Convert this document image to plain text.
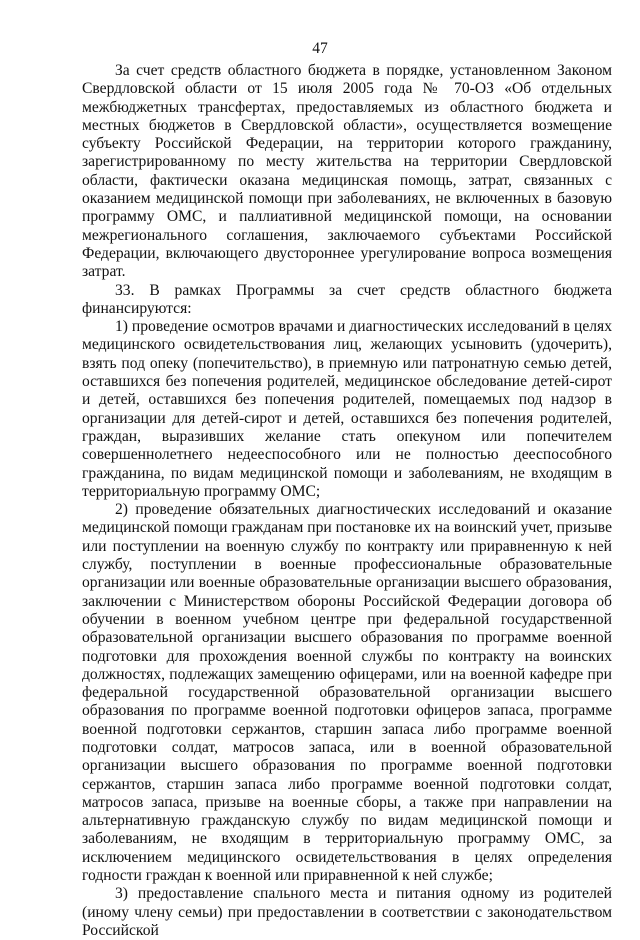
47

За счет средств областного бюджета в порядке, установленном Законом Свердловской области от 15 июля 2005 года № 70-ОЗ «Об отдельных межбюджетных трансфертах, предоставляемых из областного бюджета и местных бюджетов в Свердловской области», осуществляется возмещение субъекту Российской Федерации, на территории которого гражданину, зарегистрированному по месту жительства на территории Свердловской области, фактически оказана медицинская помощь, затрат, связанных с оказанием медицинской помощи при заболеваниях, не включенных в базовую программу ОМС, и паллиативной медицинской помощи, на основании межрегионального соглашения, заключаемого субъектами Российской Федерации, включающего двустороннее урегулирование вопроса возмещения затрат.

33. В рамках Программы за счет средств областного бюджета финансируются:

1) проведение осмотров врачами и диагностических исследований в целях медицинского освидетельствования лиц, желающих усыновить (удочерить), взять под опеку (попечительство), в приемную или патронатную семью детей, оставшихся без попечения родителей, медицинское обследование детей-сирот и детей, оставшихся без попечения родителей, помещаемых под надзор в организации для детей-сирот и детей, оставшихся без попечения родителей, граждан, выразивших желание стать опекуном или попечителем совершеннолетнего недееспособного или не полностью дееспособного гражданина, по видам медицинской помощи и заболеваниям, не входящим в территориальную программу ОМС;

2) проведение обязательных диагностических исследований и оказание медицинской помощи гражданам при постановке их на воинский учет, призыве или поступлении на военную службу по контракту или приравненную к ней службу, поступлении в военные профессиональные образовательные организации или военные образовательные организации высшего образования, заключении с Министерством обороны Российской Федерации договора об обучении в военном учебном центре при федеральной государственной образовательной организации высшего образования по программе военной подготовки для прохождения военной службы по контракту на воинских должностях, подлежащих замещению офицерами, или на военной кафедре при федеральной государственной образовательной организации высшего образования по программе военной подготовки офицеров запаса, программе военной подготовки сержантов, старшин запаса либо программе военной подготовки солдат, матросов запаса, или в военной образовательной организации высшего образования по программе военной подготовки сержантов, старшин запаса либо программе военной подготовки солдат, матросов запаса, призыве на военные сборы, а также при направлении на альтернативную гражданскую службу по видам медицинской помощи и заболеваниям, не входящим в территориальную программу ОМС, за исключением медицинского освидетельствования в целях определения годности граждан к военной или приравненной к ней службе;

3) предоставление спального места и питания одному из родителей (иному члену семьи) при предоставлении в соответствии с законодательством Российской
